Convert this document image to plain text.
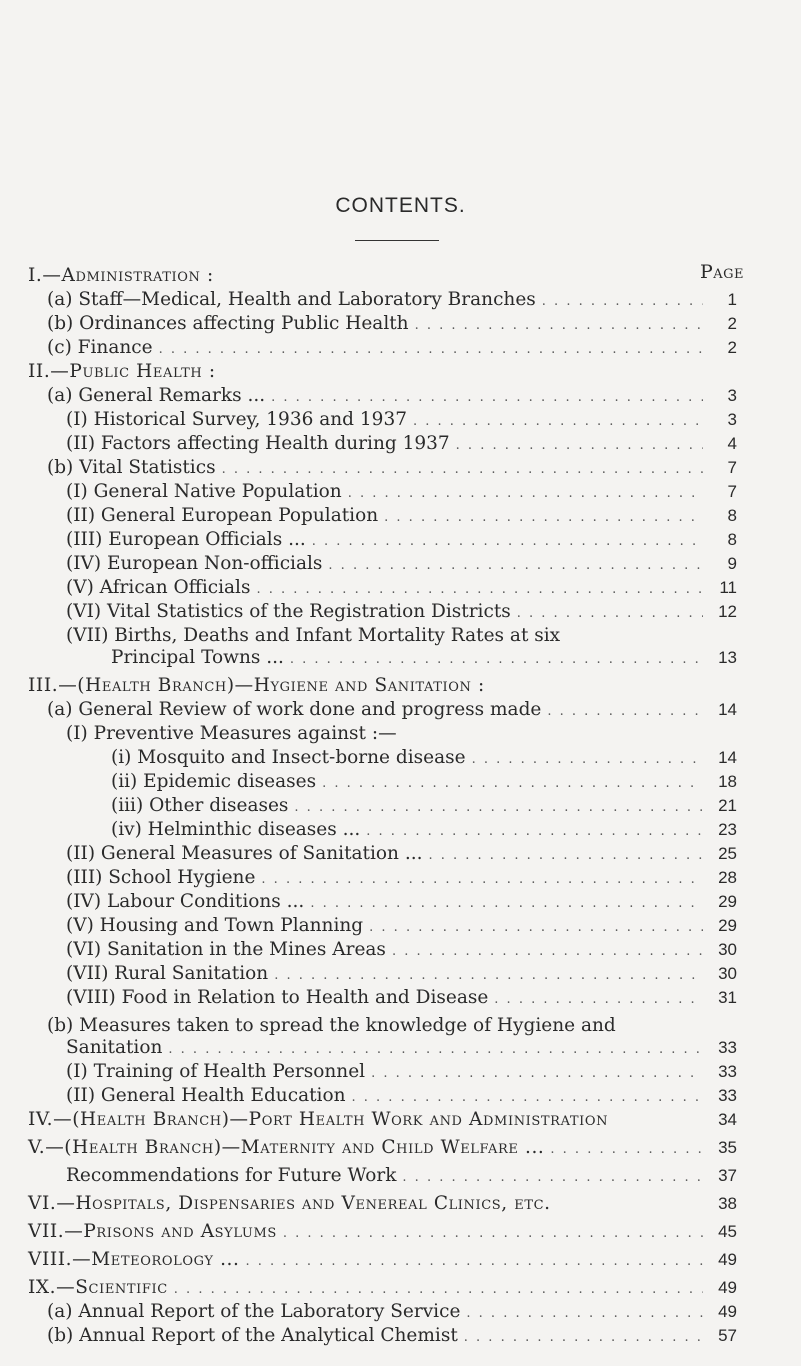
CONTENTS.
Page
I.—Administration :
(a) Staff—Medical, Health and Laboratory Branches . . .	1
(b) Ordinances affecting Public Health . . .	2
(c) Finance . . .	2
II.—Public Health :
(a) General Remarks ... . . .	3
(I) Historical Survey, 1936 and 1937 . . .	3
(II) Factors affecting Health during 1937 . . .	4
(b) Vital Statistics . . .	7
(I) General Native Population . . .	7
(II) General European Population . . .	8
(III) European Officials ... . . .	8
(IV) European Non-officials . . .	9
(V) African Officials . . .	11
(VI) Vital Statistics of the Registration Districts . . .	12
(VII) Births, Deaths and Infant Mortality Rates at six
Principal Towns ... . . .	13
III.—(Health Branch)—Hygiene and Sanitation :
(a) General Review of work done and progress made . . .	14
(I) Preventive Measures against :—
(i) Mosquito and Insect-borne disease . . .	14
(ii) Epidemic diseases . . .	18
(iii) Other diseases . . .	21
(iv) Helminthic diseases ... . . .	23
(II) General Measures of Sanitation ... . . .	25
(III) School Hygiene . . .	28
(IV) Labour Conditions ... . . .	29
(V) Housing and Town Planning . . .	29
(VI) Sanitation in the Mines Areas . . .	30
(VII) Rural Sanitation . . .	30
(VIII) Food in Relation to Health and Disease . . .	31
(b) Measures taken to spread the knowledge of Hygiene and
Sanitation . . .	33
(I) Training of Health Personnel . . .	33
(II) General Health Education . . .	33
IV.—(Health Branch)—Port Health Work and Administration	34
V.—(Health Branch)—Maternity and Child Welfare ... . . .	35
Recommendations for Future Work . . .	37
VI.—Hospitals, Dispensaries and Venereal Clinics, etc.	38
VII.—Prisons and Asylums . . .	45
VIII.—Meteorology ... . . .	49
IX.—Scientific . . .	49
(a) Annual Report of the Laboratory Service . . .	49
(b) Annual Report of the Analytical Chemist . . .	57
